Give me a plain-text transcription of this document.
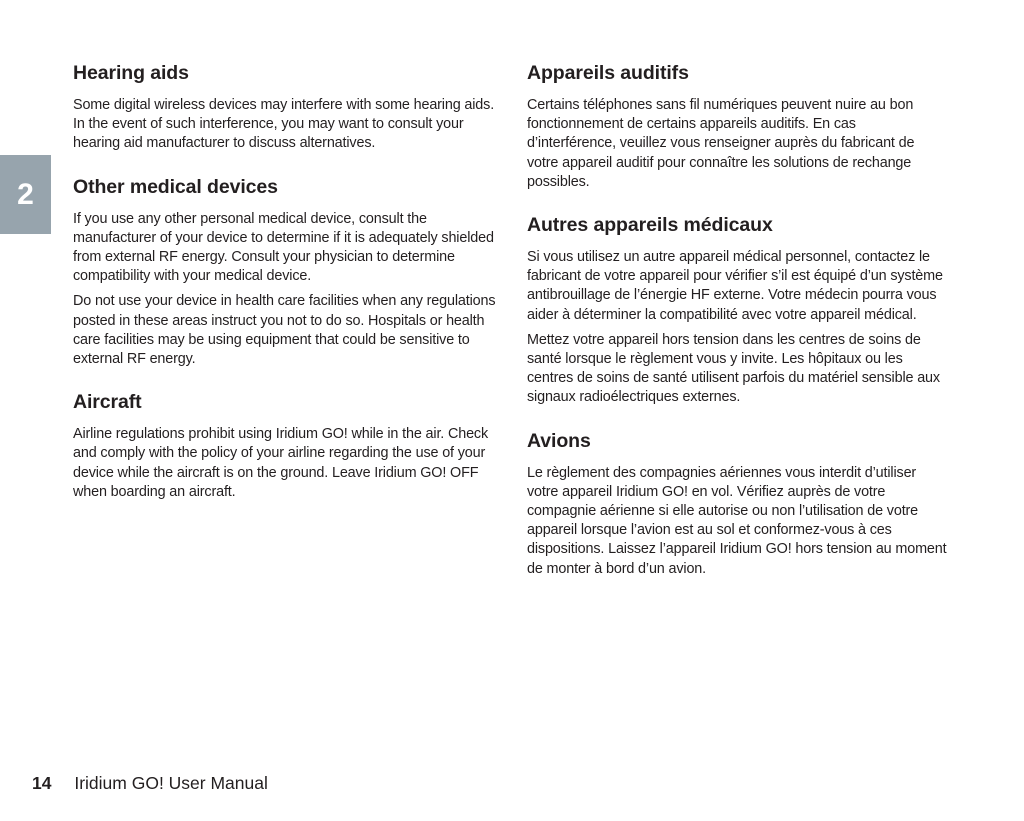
2
Hearing aids

Some digital wireless devices may interfere with some hearing aids. In the event of such interference, you may want to consult your hearing aid manufacturer to discuss alternatives.

Other medical devices

If you use any other personal medical device, consult the manufacturer of your device to determine if it is adequately shielded from external RF energy. Consult your physician to determine compatibility with your medical device.

Do not use your device in health care facilities when any regulations posted in these areas instruct you not to do so. Hospitals or health care facilities may be using equipment that could be sensitive to external RF energy.

Aircraft

Airline regulations prohibit using Iridium GO! while in the air. Check and comply with the policy of your airline regarding the use of your device while the aircraft is on the ground. Leave Iridium GO! OFF when boarding an aircraft.

Appareils auditifs

Certains téléphones sans fil numériques peuvent nuire au bon fonctionnement de certains appareils auditifs. En cas d’interférence, veuillez vous renseigner auprès du fabricant de votre appareil auditif pour connaître les solutions de rechange possibles.

Autres appareils médicaux

Si vous utilisez un autre appareil médical personnel, contactez le fabricant de votre appareil pour vérifier s’il est équipé d’un système antibrouillage de l’énergie HF externe. Votre médecin pourra vous aider à déterminer la compatibilité avec votre appareil médical.

Mettez votre appareil hors tension dans les centres de soins de santé lorsque le règlement vous y invite. Les hôpitaux ou les centres de soins de santé utilisent parfois du matériel sensible aux signaux radioélectriques externes.

Avions

Le règlement des compagnies aériennes vous interdit d’utiliser votre appareil Iridium GO! en vol. Vérifiez auprès de votre compagnie aérienne si elle autorise ou non l’utilisation de votre appareil lorsque l’avion est au sol et conformez-vous à ces dispositions. Laissez l’appareil Iridium GO! hors tension au moment de monter à bord d’un avion.

14 Iridium GO! User Manual
